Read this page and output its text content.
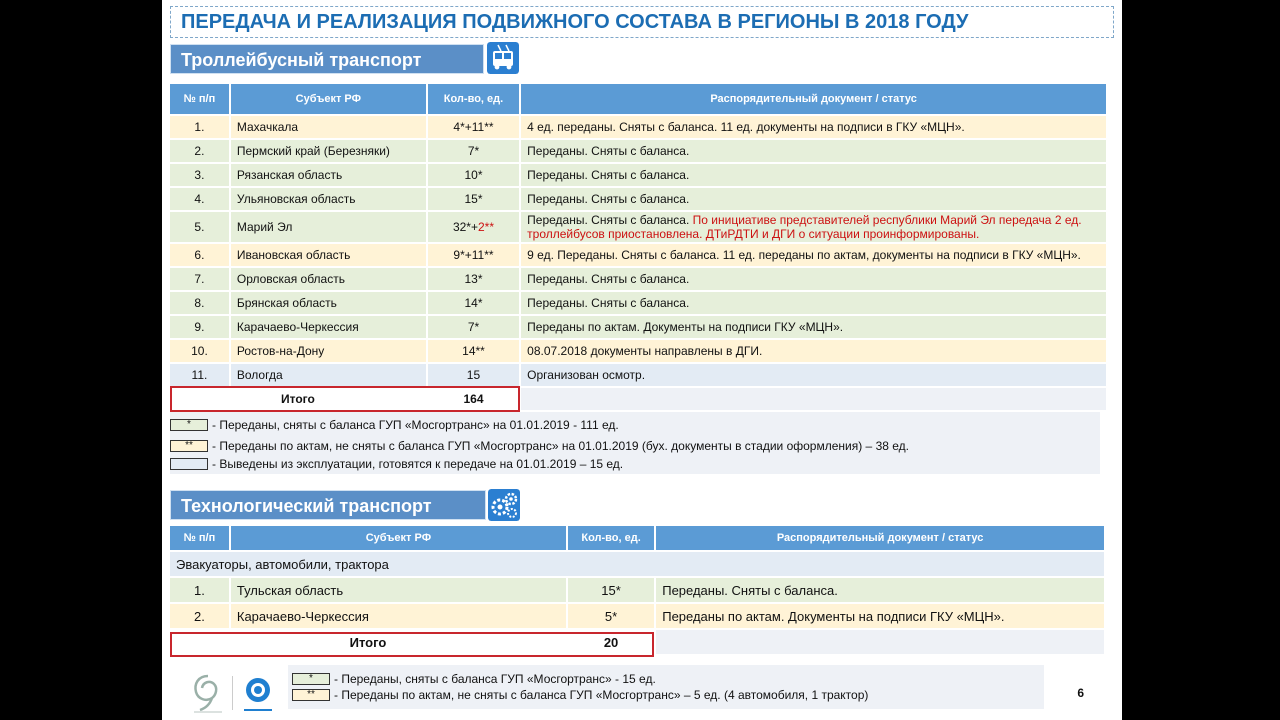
ПЕРЕДАЧА И РЕАЛИЗАЦИЯ ПОДВИЖНОГО СОСТАВА В РЕГИОНЫ В 2018 ГОДУ
Троллейбусный транспорт
№ п/п	Субъект РФ	Кол-во, ед.	Распорядительный документ / статус
1.	Махачкала	4*+11**	4 ед. переданы. Сняты с баланса. 11 ед. документы на подписи в ГКУ «МЦН».
2.	Пермский край (Березняки)	7*	Переданы. Сняты с баланса.
3.	Рязанская область	10*	Переданы. Сняты с баланса.
4.	Ульяновская область	15*	Переданы. Сняты с баланса.
5.	Марий Эл	32*+2**	Переданы. Сняты с баланса. По инициативе представителей республики Марий Эл передача 2 ед. троллейбусов приостановлена. ДТиРДТИ и ДГИ о ситуации проинформированы.
6.	Ивановская область	9*+11**	9 ед. Переданы. Сняты с баланса. 11 ед. переданы по актам, документы на подписи в ГКУ «МЦН».
7.	Орловская область	13*	Переданы. Сняты с баланса.
8.	Брянская область	14*	Переданы. Сняты с баланса.
9.	Карачаево-Черкессия	7*	Переданы по актам. Документы на подписи ГКУ «МЦН».
10.	Ростов-на-Дону	14**	08.07.2018 документы направлены в ДГИ.
11.	Вологда	15	Организован осмотр.
Итого		164	
*	- Переданы, сняты с баланса ГУП «Мосгортранс» на 01.01.2019 - 111 ед.
**	- Переданы по актам, не сняты с баланса ГУП «Мосгортранс» на 01.01.2019 (бух. документы в стадии оформления) – 38 ед.
- Выведены из эксплуатации, готовятся к передаче на 01.01.2019 – 15 ед.
Технологический транспорт
№ п/п	Субъект РФ	Кол-во, ед.	Распорядительный документ / статус
Эвакуаторы, автомобили, трактора			
1.	Тульская область	15*	Переданы. Сняты с баланса.
2.	Карачаево-Черкессия	5*	Переданы по актам. Документы на подписи ГКУ «МЦН».
Итого		20	
*	- Переданы, сняты с баланса ГУП «Мосгортранс» - 15 ед.
**	- Переданы по актам, не сняты с баланса ГУП «Мосгортранс» – 5 ед. (4 автомобиля, 1 трактор)	6
